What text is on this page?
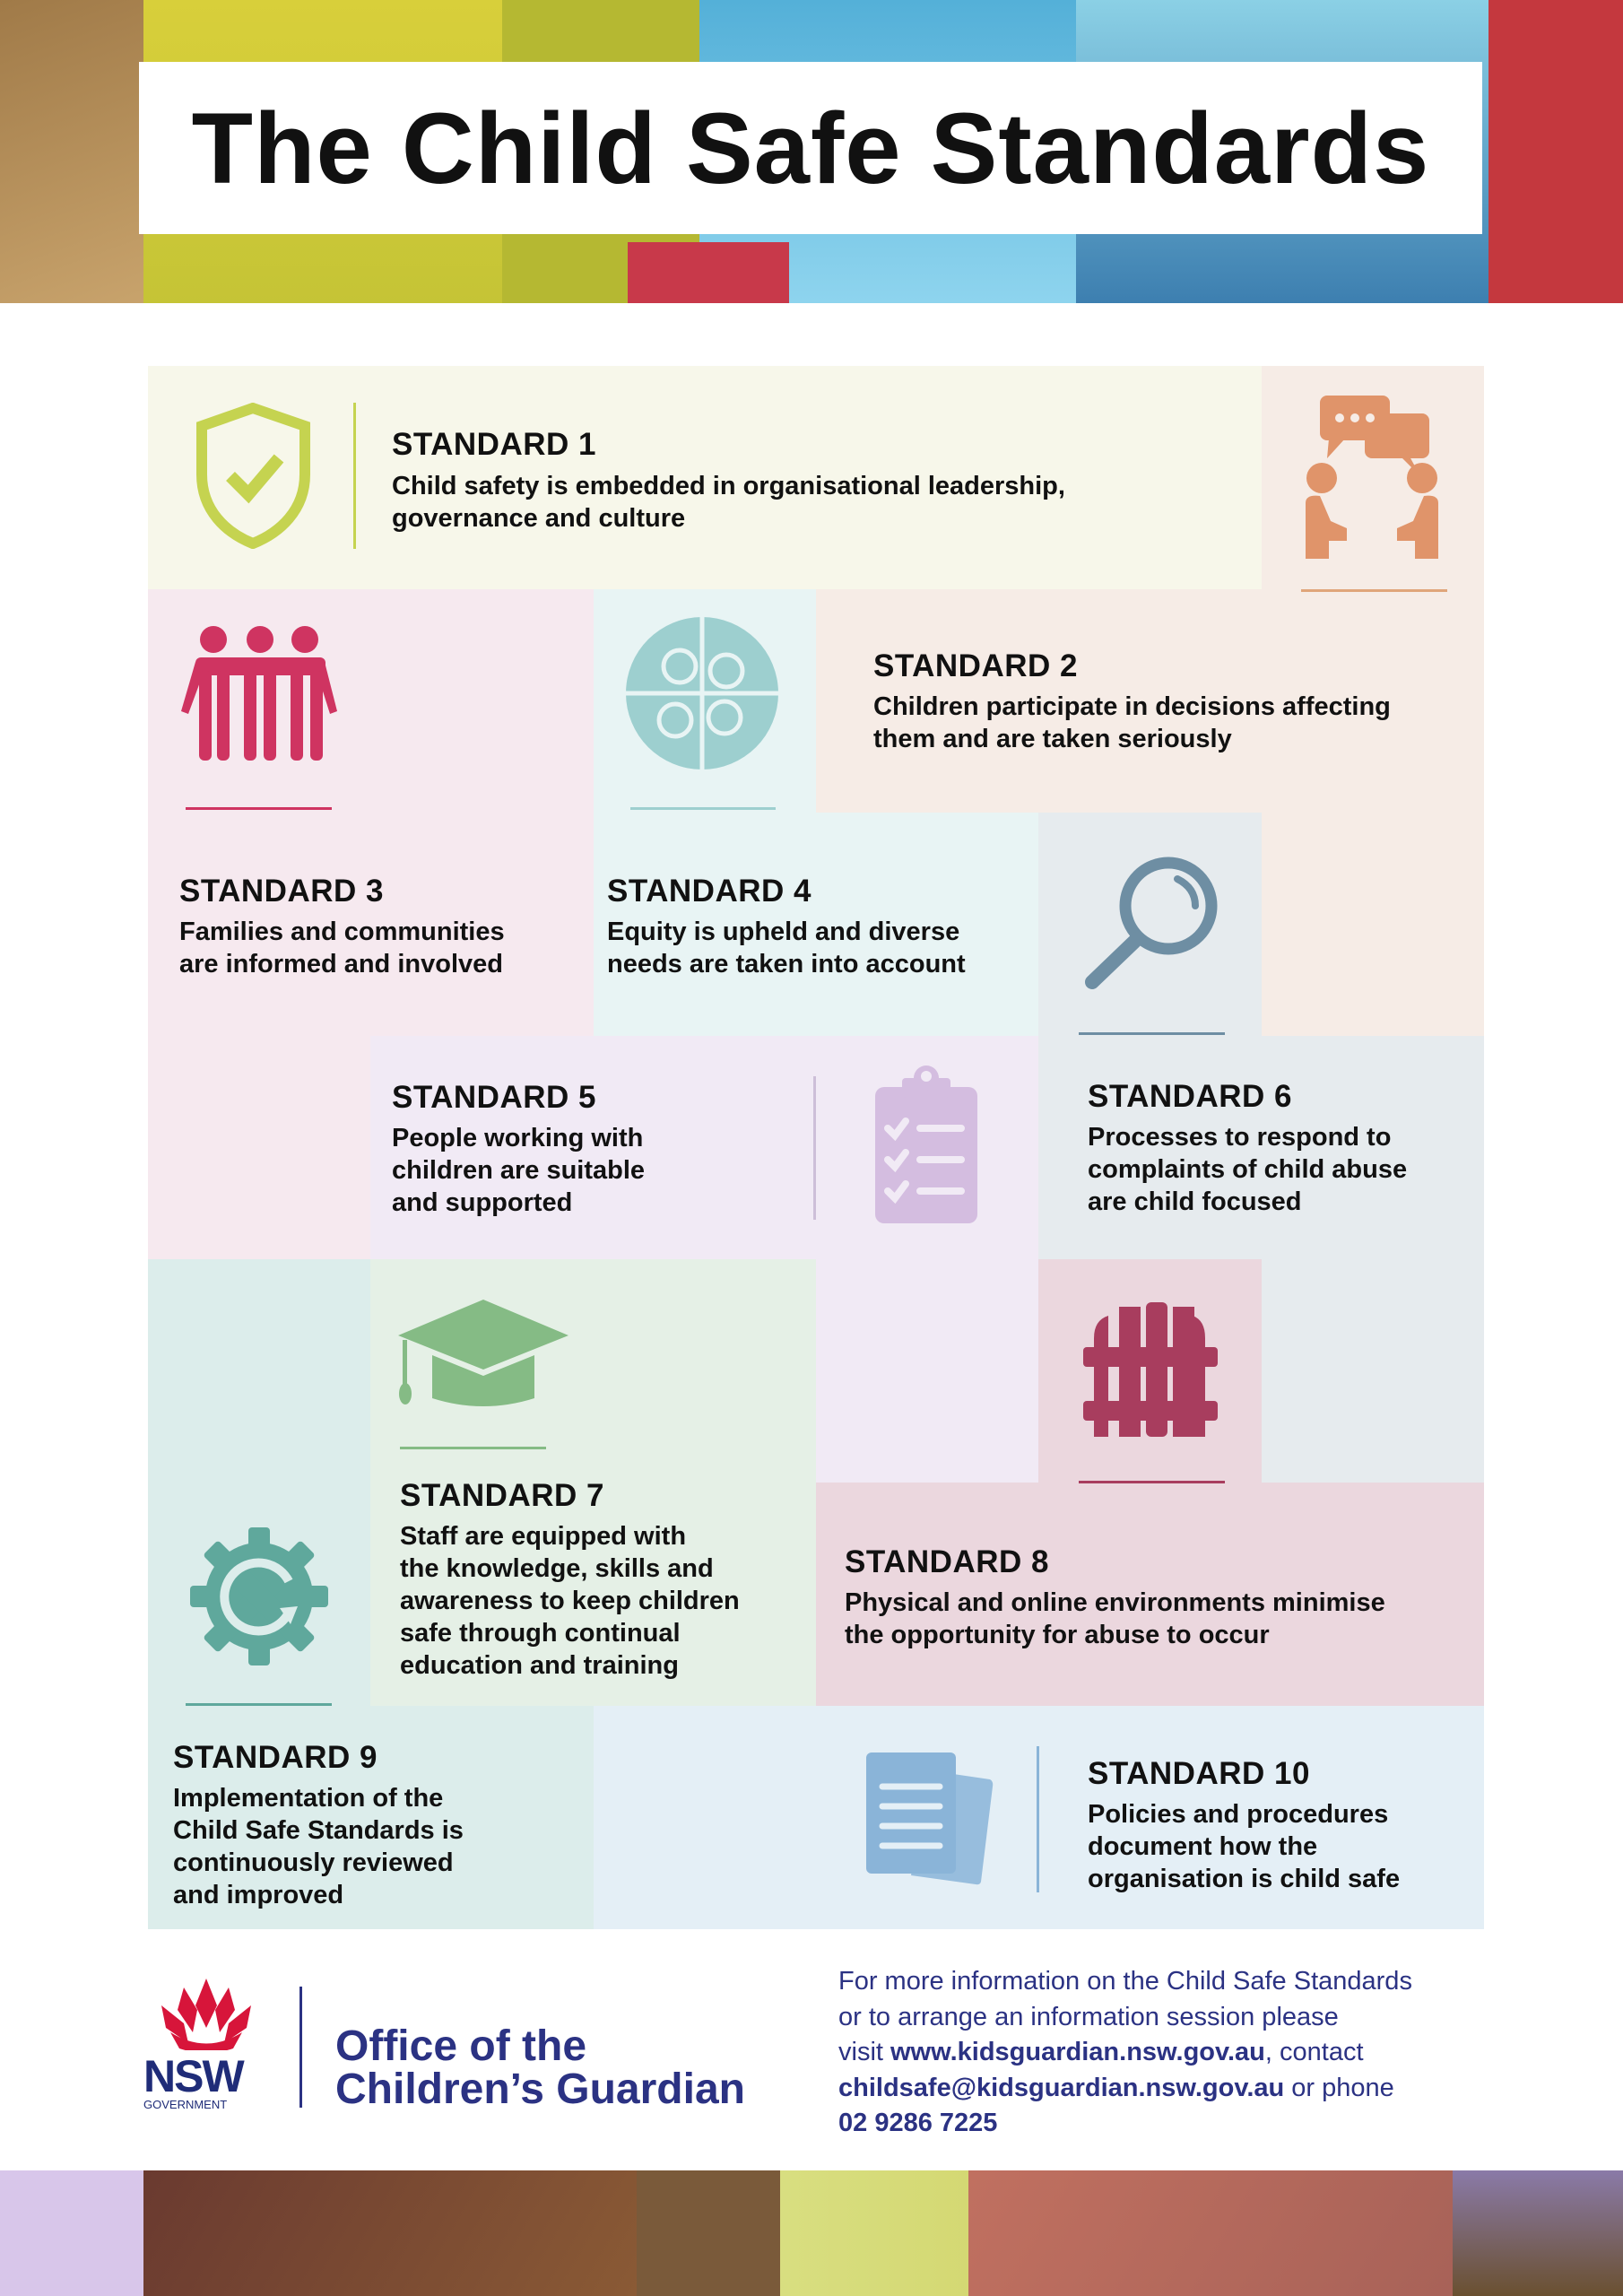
The Child Safe Standards
STANDARD 1
Child safety is embedded in organisational leadership,
governance and culture
STANDARD 2
Children participate in decisions affecting
them and are taken seriously
STANDARD 3
Families and communities
are informed and involved
STANDARD 4
Equity is upheld and diverse
needs are taken into account
STANDARD 6
Processes to respond to
complaints of child abuse
are child focused
STANDARD 5
People working with
children are suitable
and supported
STANDARD 7
Staff are equipped with
the knowledge, skills and
awareness to keep children
safe through continual
education and training
STANDARD 8
Physical and online environments minimise
the opportunity for abuse to occur
STANDARD 9
Implementation of the
Child Safe Standards is
continuously reviewed
and improved
STANDARD 10
Policies and procedures
document how the
organisation is child safe
NSW
GOVERNMENT
Office of the
Children’s Guardian
For more information on the Child Safe Standards
or to arrange an information session please
visit www.kidsguardian.nsw.gov.au, contact
childsafe@kidsguardian.nsw.gov.au or phone
02 9286 7225
